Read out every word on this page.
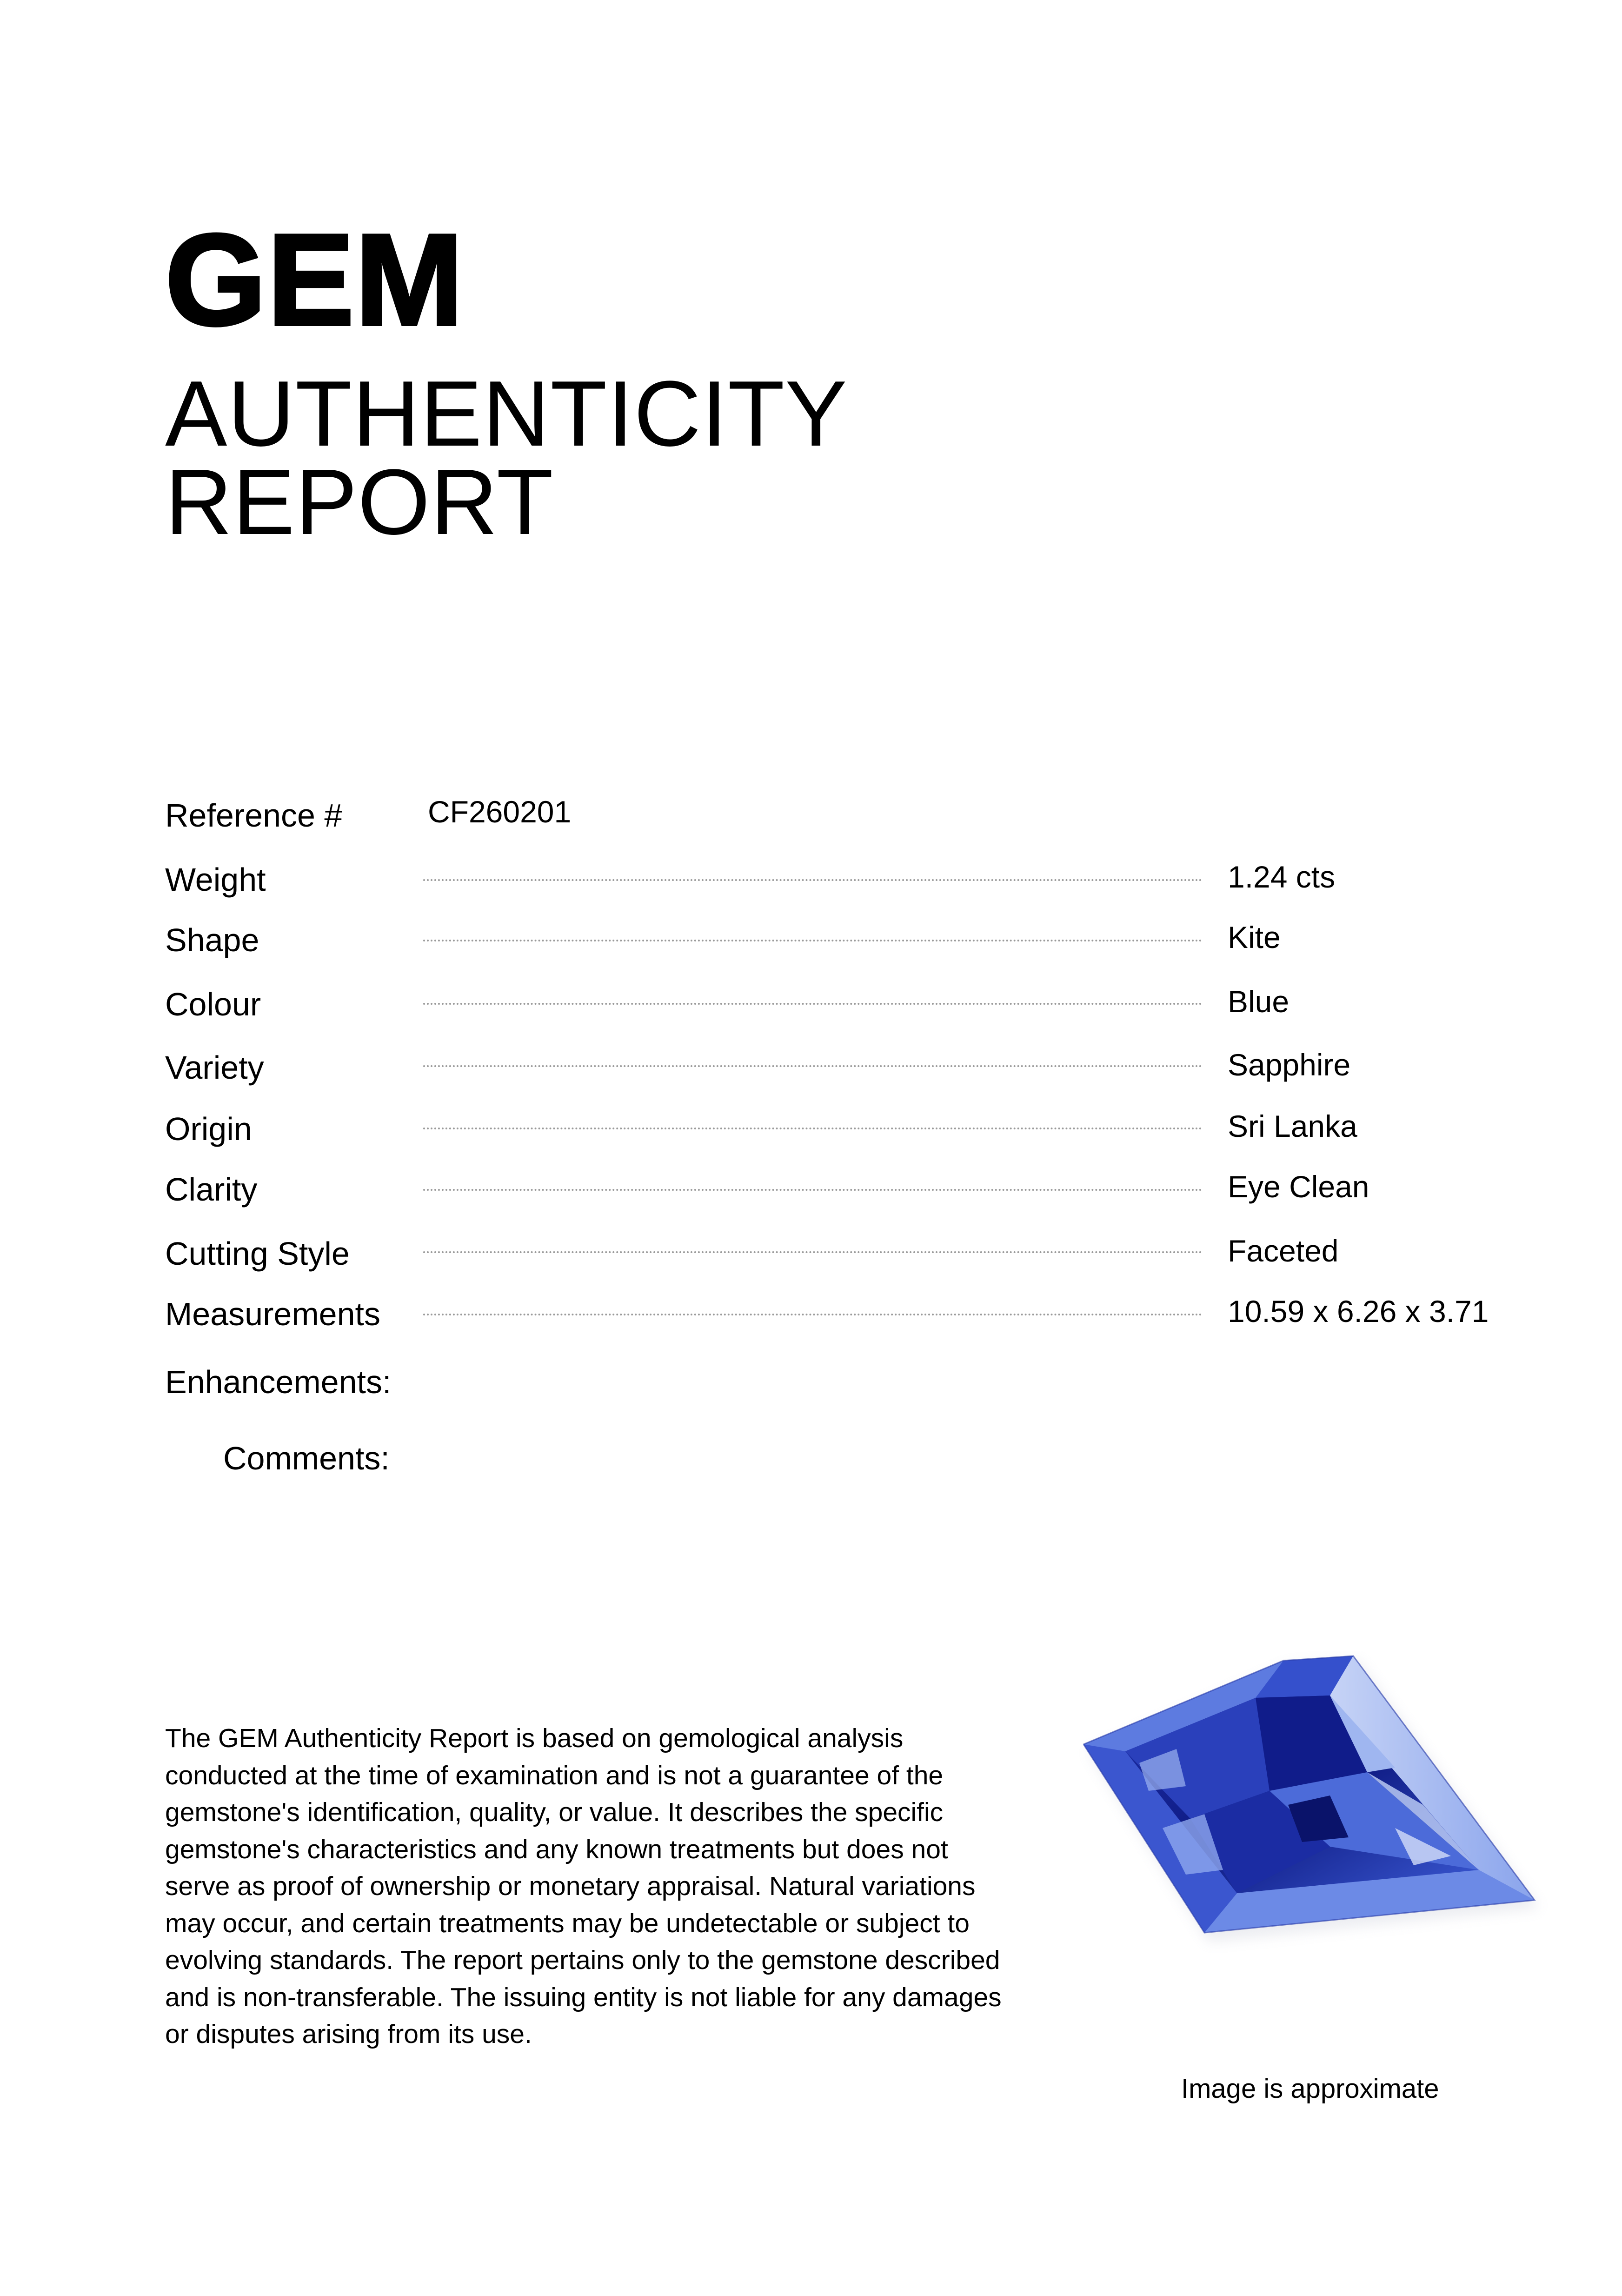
GEM
AUTHENTICITY
REPORT
Reference #	CF260201
Weight	1.24 cts
Shape	Kite
Colour	Blue
Variety	Sapphire
Origin	Sri Lanka
Clarity	Eye Clean
Cutting Style	Faceted
Measurements	10.59 x 6.26 x 3.71
Enhancements:
Comments:
The GEM Authenticity Report is based on gemological analysis conducted at the time of examination and is not a guarantee of the gemstone's identification, quality, or value. It describes the specific gemstone's characteristics and any known treatments but does not serve as proof of ownership or monetary appraisal. Natural variations may occur, and certain treatments may be undetectable or subject to evolving standards. The report pertains only to the gemstone described and is non-transferable. The issuing entity is not liable for any damages or disputes arising from its use.
Image is approximate
